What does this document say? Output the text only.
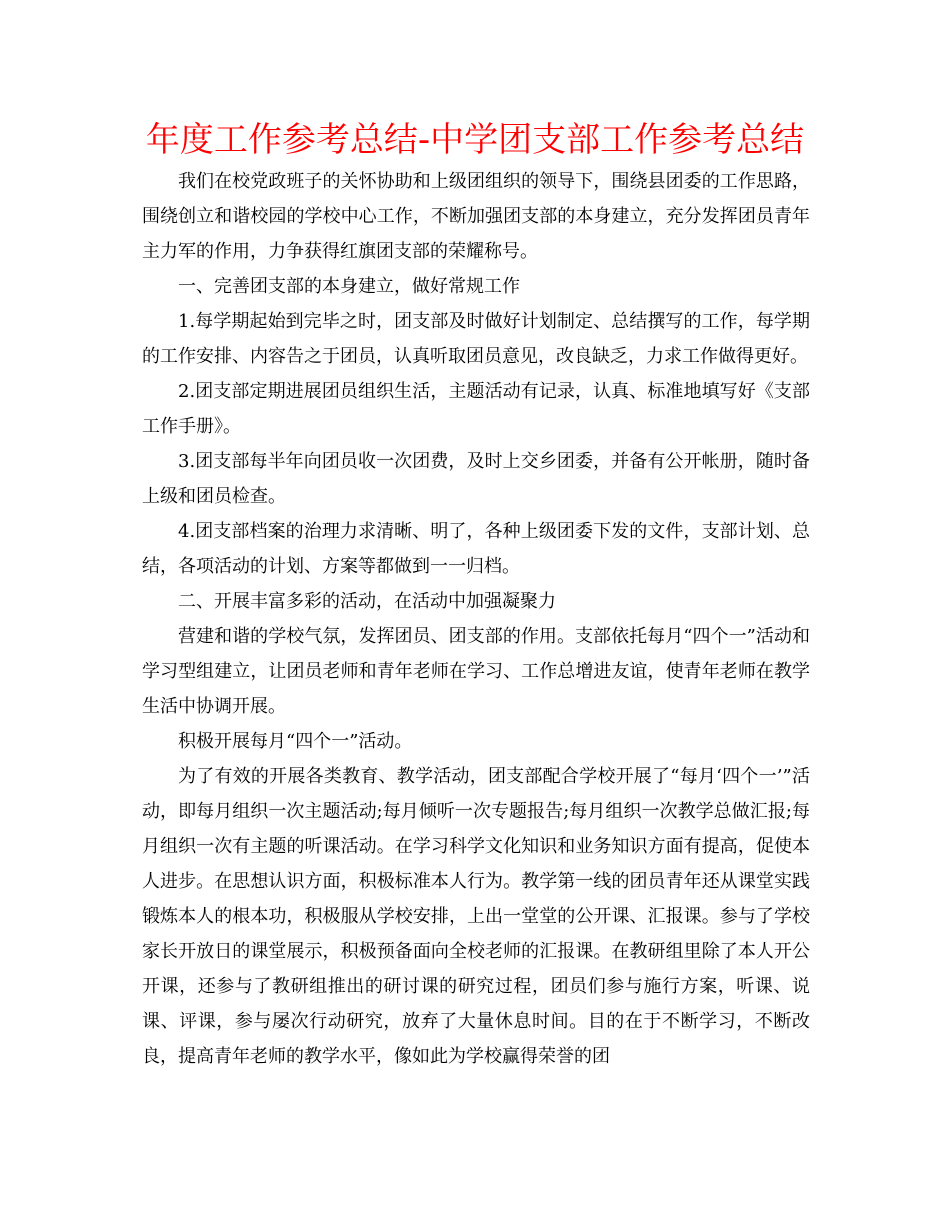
年度工作参考总结-中学团支部工作参考总结

我们在校党政班子的关怀协助和上级团组织的领导下，围绕县团委的工作思路，围绕创立和谐校园的学校中心工作，不断加强团支部的本身建立，充分发挥团员青年主力军的作用，力争获得红旗团支部的荣耀称号。

一、完善团支部的本身建立，做好常规工作

1.每学期起始到完毕之时，团支部及时做好计划制定、总结撰写的工作，每学期的工作安排、内容告之于团员，认真听取团员意见，改良缺乏，力求工作做得更好。

2.团支部定期进展团员组织生活，主题活动有记录，认真、标准地填写好《支部工作手册》。

3.团支部每半年向团员收一次团费，及时上交乡团委，并备有公开帐册，随时备上级和团员检查。

4.团支部档案的治理力求清晰、明了，各种上级团委下发的文件，支部计划、总结，各项活动的计划、方案等都做到一一归档。

二、开展丰富多彩的活动，在活动中加强凝聚力

营建和谐的学校气氛，发挥团员、团支部的作用。支部依托每月“四个一”活动和学习型组建立，让团员老师和青年老师在学习、工作总增进友谊，使青年老师在教学生活中协调开展。

积极开展每月“四个一”活动。

为了有效的开展各类教育、教学活动，团支部配合学校开展了“每月‘四个一’”活动，即每月组织一次主题活动;每月倾听一次专题报告;每月组织一次教学总做汇报;每月组织一次有主题的听课活动。在学习科学文化知识和业务知识方面有提高，促使本人进步。在思想认识方面，积极标准本人行为。教学第一线的团员青年还从课堂实践锻炼本人的根本功，积极服从学校安排，上出一堂堂的公开课、汇报课。参与了学校家长开放日的课堂展示，积极预备面向全校老师的汇报课。在教研组里除了本人开公开课，还参与了教研组推出的研讨课的研究过程，团员们参与施行方案，听课、说课、评课，参与屡次行动研究，放弃了大量休息时间。目的在于不断学习，不断改良，提高青年老师的教学水平，像如此为学校赢得荣誉的团
